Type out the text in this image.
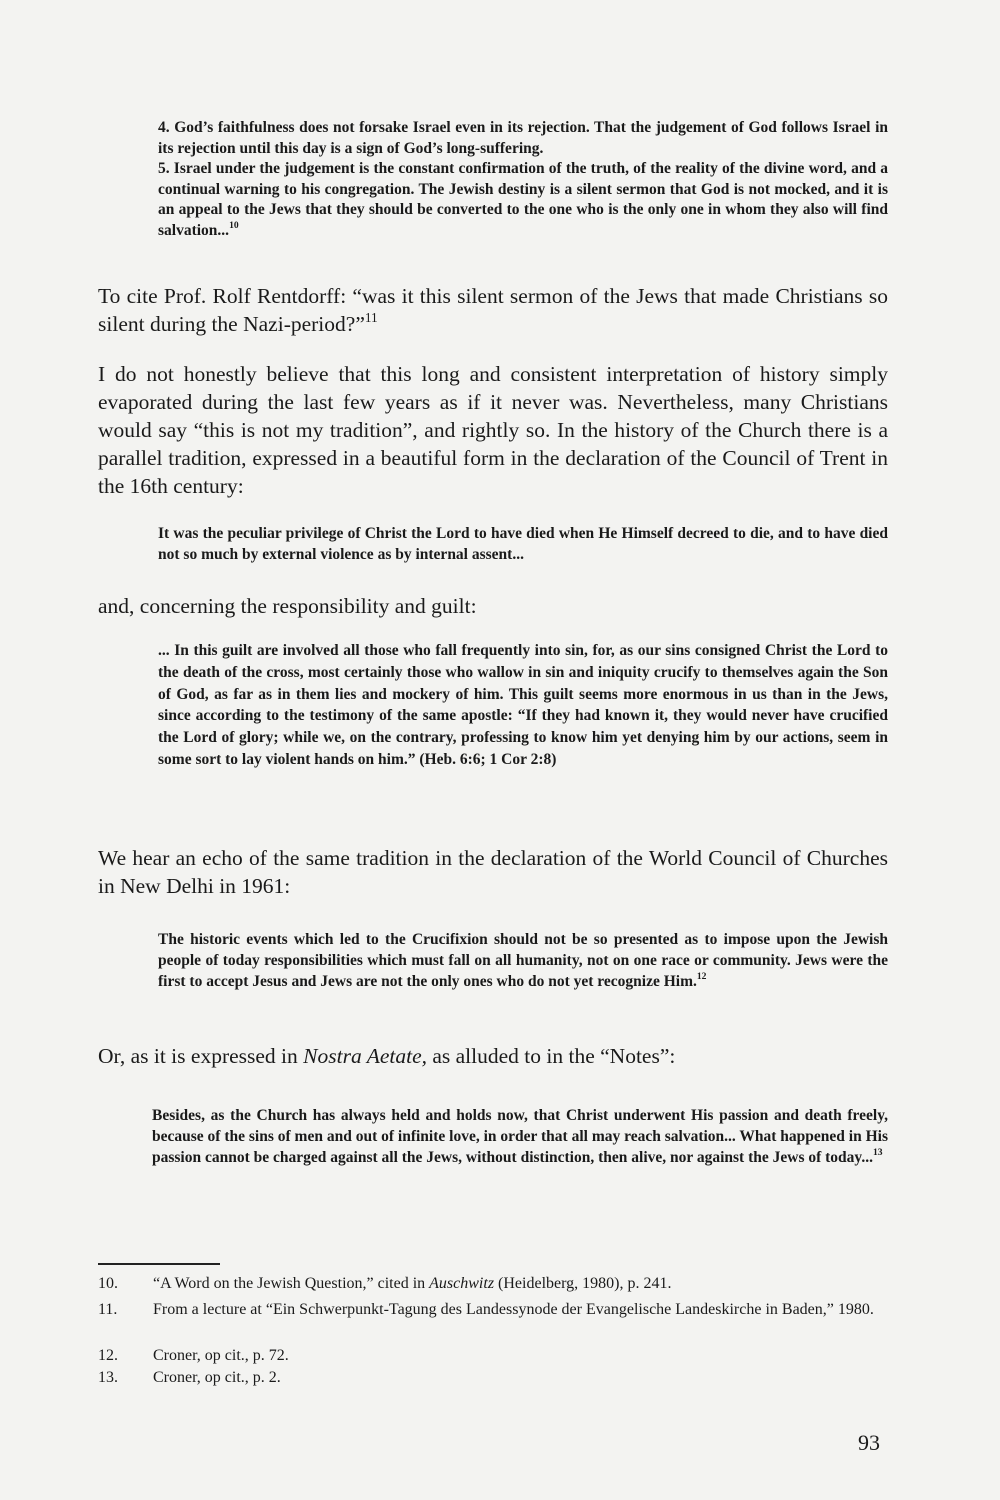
4. God’s faithfulness does not forsake Israel even in its rejection. That the judgement of God follows Israel in its rejection until this day is a sign of God’s long-suffering.

5. Israel under the judgement is the constant confirmation of the truth, of the reality of the divine word, and a continual warning to his congregation. The Jewish destiny is a silent sermon that God is not mocked, and it is an appeal to the Jews that they should be converted to the one who is the only one in whom they also will find salvation...$^{10}$

To cite Prof. Rolf Rentdorff: “was it this silent sermon of the Jews that made Christians so silent during the Nazi-period?”$^{11}$

I do not honestly believe that this long and consistent interpretation of history simply evaporated during the last few years as if it never was. Nevertheless, many Christians would say “this is not my tradition”, and rightly so. In the history of the Church there is a parallel tradition, expressed in a beautiful form in the declaration of the Council of Trent in the 16th century:

It was the peculiar privilege of Christ the Lord to have died when He Himself decreed to die, and to have died not so much by external violence as by internal assent...

and, concerning the responsibility and guilt:

... In this guilt are involved all those who fall frequently into sin, for, as our sins consigned Christ the Lord to the death of the cross, most certainly those who wallow in sin and iniquity crucify to themselves again the Son of God, as far as in them lies and mockery of him. This guilt seems more enormous in us than in the Jews, since according to the testimony of the same apostle: “If they had known it, they would never have crucified the Lord of glory; while we, on the contrary, professing to know him yet denying him by our actions, seem in some sort to lay violent hands on him.” (Heb. 6:6; 1 Cor 2:8)

We hear an echo of the same tradition in the declaration of the World Council of Churches in New Delhi in 1961:

The historic events which led to the Crucifixion should not be so presented as to impose upon the Jewish people of today responsibilities which must fall on all humanity, not on one race or community. Jews were the first to accept Jesus and Jews are not the only ones who do not yet recognize Him.$^{12}$

Or, as it is expressed in Nostra Aetate, as alluded to in the “Notes”:

Besides, as the Church has always held and holds now, that Christ underwent His passion and death freely, because of the sins of men and out of infinite love, in order that all may reach salvation... What happened in His passion cannot be charged against all the Jews, without distinction, then alive, nor against the Jews of today...$^{13}$

10. “A Word on the Jewish Question,” cited in Auschwitz (Heidelberg, 1980), p. 241.

11. From a lecture at “Ein Schwerpunkt-Tagung des Landessynode der Evangelische Landeskirche in Baden,” 1980.

12. Croner, op cit., p. 72.

13. Croner, op cit., p. 2.

93
